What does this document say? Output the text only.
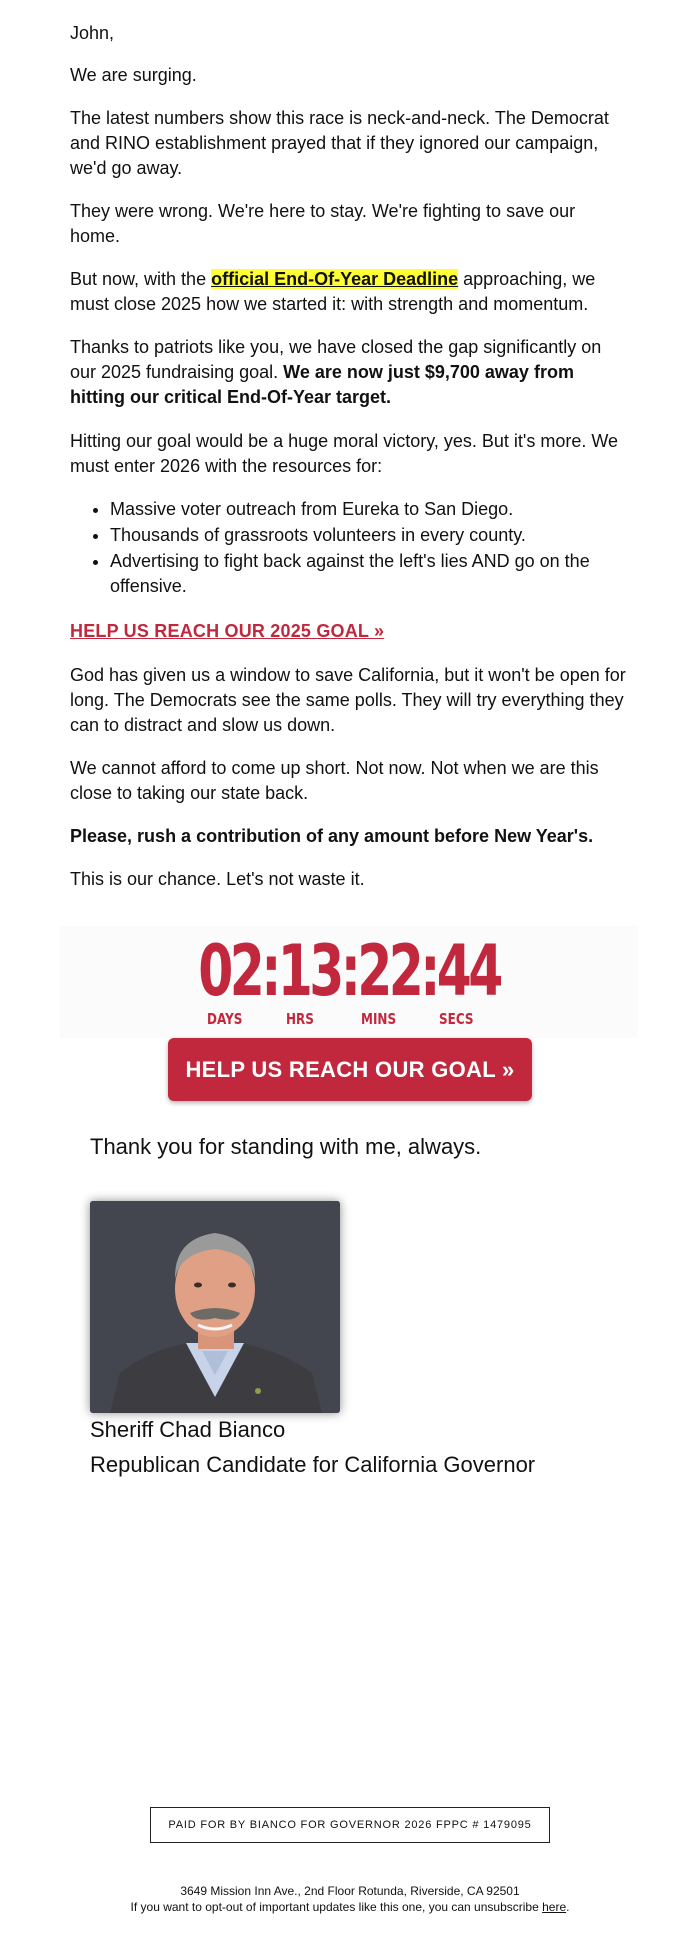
John,

We are surging.

The latest numbers show this race is neck-and-neck. The Democrat and RINO establishment prayed that if they ignored our campaign, we'd go away.

They were wrong. We're here to stay. We're fighting to save our home.

But now, with the official End-Of-Year Deadline approaching, we must close 2025 how we started it: with strength and momentum.

Thanks to patriots like you, we have closed the gap significantly on our 2025 fundraising goal. We are now just $9,700 away from hitting our critical End-Of-Year target.

Hitting our goal would be a huge moral victory, yes. But it's more. We must enter 2026 with the resources for:

• Massive voter outreach from Eureka to San Diego.
• Thousands of grassroots volunteers in every county.
• Advertising to fight back against the left's lies AND go on the offensive.
HELP US REACH OUR 2025 GOAL »

God has given us a window to save California, but it won't be open for long. The Democrats see the same polls. They will try everything they can to distract and slow us down.

We cannot afford to come up short. Not now. Not when we are this close to taking our state back.

Please, rush a contribution of any amount before New Year's.

This is our chance. Let's not waste it.

02:13:22:44
DAYS	HRS	MINS	SECS
HELP US REACH OUR GOAL »
Thank you for standing with me, always.
Sheriff Chad Bianco
Republican Candidate for California Governor
PAID FOR BY BIANCO FOR GOVERNOR 2026 FPPC # 1479095
3649 Mission Inn Ave., 2nd Floor Rotunda, Riverside, CA 92501
If you want to opt-out of important updates like this one, you can unsubscribe here.
